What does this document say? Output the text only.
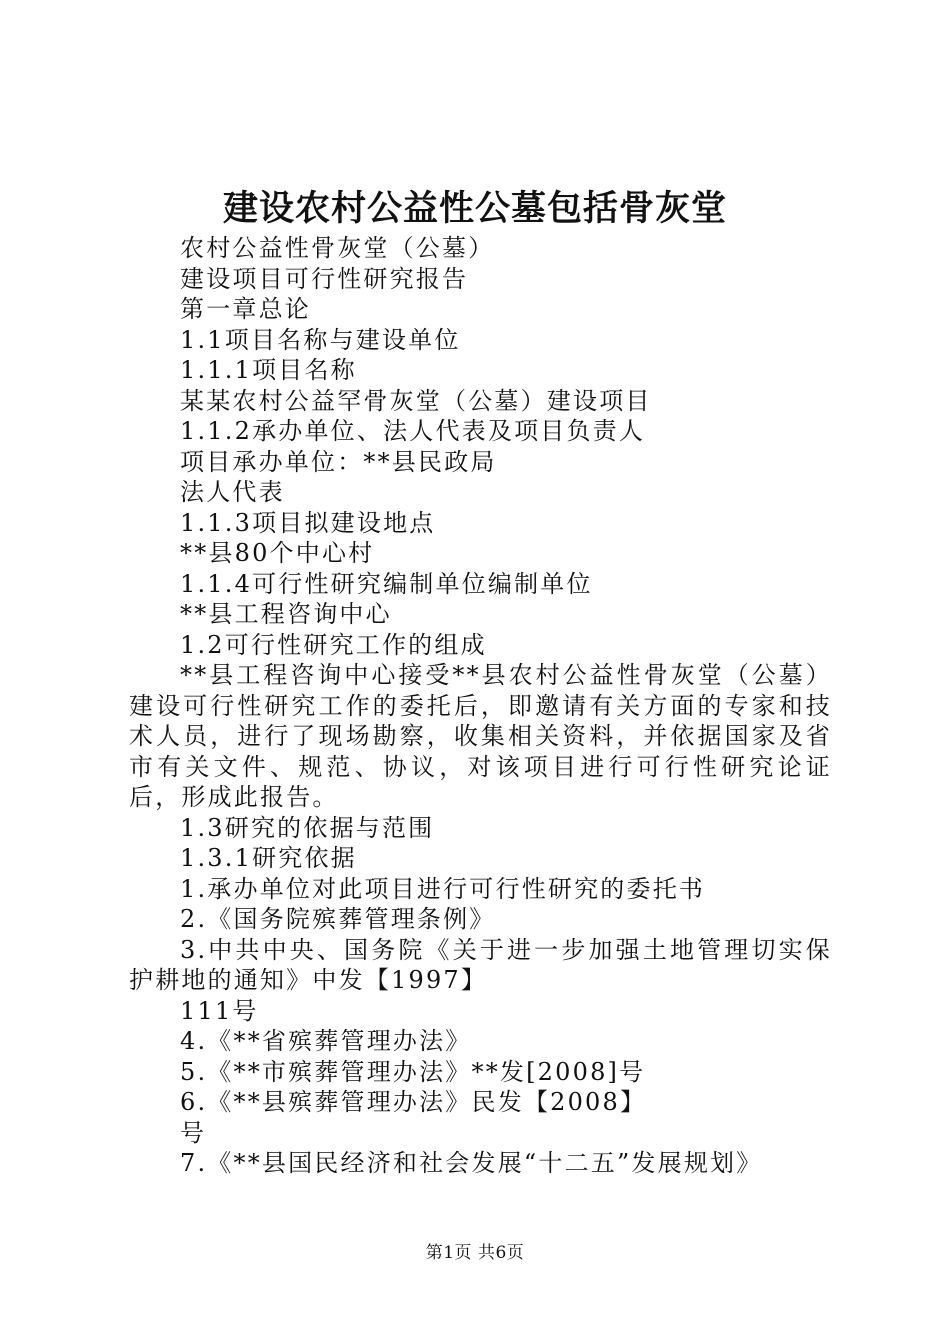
建设农村公益性公墓包括骨灰堂
农村公益性骨灰堂（公墓）
建设项目可行性研究报告
第一章总论
1.1项目名称与建设单位
1.1.1项目名称
某某农村公益罕骨灰堂（公墓）建设项目
1.1.2承办单位、法人代表及项目负责人
项目承办单位：**县民政局
法人代表
1.1.3项目拟建设地点
**县80个中心村
1.1.4可行性研究编制单位编制单位
**县工程咨询中心
1.2可行性研究工作的组成
**县工程咨询中心接受**县农村公益性骨灰堂（公墓）建设可行性研究工作的委托后，即邀请有关方面的专家和技术人员，进行了现场勘察，收集相关资料，并依据国家及省市有关文件、规范、协议，对该项目进行可行性研究论证后，形成此报告。
1.3研究的依据与范围
1.3.1研究依据
1.承办单位对此项目进行可行性研究的委托书
2.《国务院殡葬管理条例》
3.中共中央、国务院《关于进一步加强土地管理切实保护耕地的通知》中发【1997】
111号
4.《**省殡葬管理办法》
5.《**市殡葬管理办法》**发[2008]号
6.《**县殡葬管理办法》民发【2008】
号
7.《**县国民经济和社会发展“十二五”发展规划》
第1页 共6页
